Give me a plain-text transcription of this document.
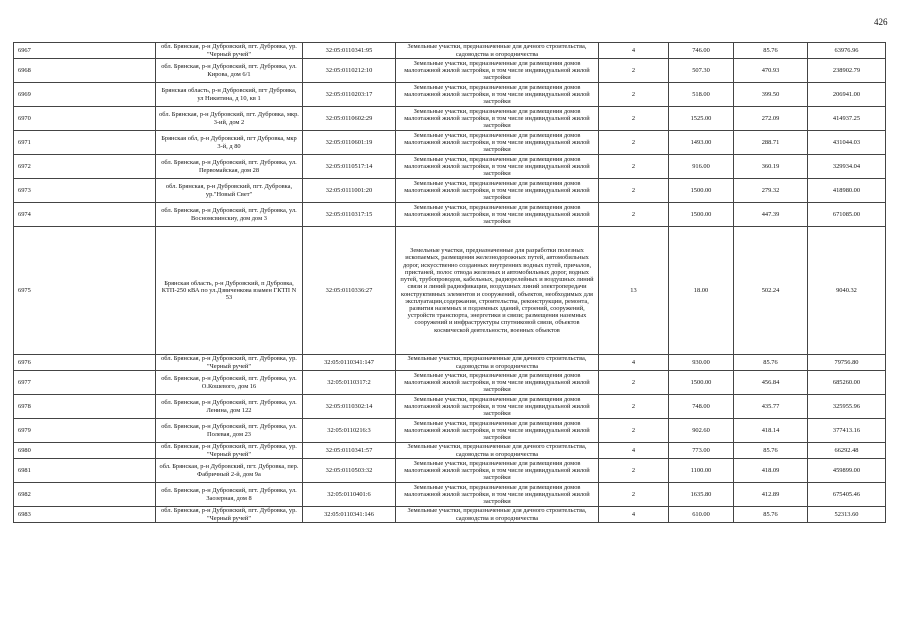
426
6967	обл. Брянская, р-н Дубровский, пгт. Дубровка, ур. "Черный ручей"	32:05:0110341:95	Земельные участки, предназначенные для дачного строительства, садоводства и огородничества	4	746.00	85.76	63976.96
6968	обл. Брянская, р-н Дубровский, пгт. Дубровка, ул. Кирова, дом 6/1	32:05:0110212:10	Земельные участки, предназначенные для размещения домов малоэтажной жилой застройки, в том числе индивидуальной жилой застройки	2	507.30	470.93	238902.79
6969	Брянская область, р-н Дубровский, пгт Дубровка, ул Никитина, д 10, кв 1	32:05:0110203:17	Земельные участки, предназначенные для размещения домов малоэтажной жилой застройки, в том числе индивидуальной жилой застройки	2	518.00	399.50	206941.00
6970	обл. Брянская, р-н Дубровский, пгт. Дубровка, мкр. 3-ий, дом 2	32:05:0110602:29	Земельные участки, предназначенные для размещения домов малоэтажной жилой застройки, в том числе индивидуальной жилой застройки	2	1525.00	272.09	414937.25
6971	Брянская обл, р-н Дубровский, пгт Дубровка, мкр 3-й, д 80	32:05:0110601:19	Земельные участки, предназначенные для размещения домов малоэтажной жилой застройки, в том числе индивидуальной жилой застройки	2	1493.00	288.71	431044.03
6972	обл. Брянская, р-н Дубровский, пгт. Дубровка, ул. Первомайская, дом 28	32:05:0110517:14	Земельные участки, предназначенные для размещения домов малоэтажной жилой застройки, в том числе индивидуальной жилой застройки	2	916.00	360.19	329934.04
6973	обл. Брянская, р-н Дубровский, пгт. Дубровка, ур."Новый Свет"	32:05:0111001:20	Земельные участки, предназначенные для размещения домов малоэтажной жилой застройки, в том числе индивидуальной жилой застройки	2	1500.00	279.32	418980.00
6974	обл. Брянская, р-н Дубровский, пгт. Дубровка, ул. Восномсвинскиу, дом дом 3	32:05:0110317:15	Земельные участки, предназначенные для размещения домов малоэтажной жилой застройки, в том числе индивидуальной жилой застройки	2	1500.00	447.39	671085.00
6975	Брянская область, р-н Дубровский, п Дубровка, КТП-250 кВА по ул.Дзвиченкова взамен ГКТП N 53	32:05:0110336:27	Земельные участки, предназначенные для разработки полезных ископаемых, размещения железнодорожных путей, автомобильных дорог, искусственно созданных внутренних водных путей, причалов, пристаней, полос отвода железных и автомобильных дорог, водных путей, трубопроводов, кабельных, радиорелейных и воздушных линий связи и линий радиофикации, воздушных линий электропередачи конструктивных элементов и сооружений, объектов, необходимых для эксплуатации,содержания, строительства, реконструкции, ремонта, развития наземных и подземных зданий, строений, сооружений, устройств транспорта, энергетики и связи; размещения наземных сооружений и инфраструктуры спутниковой связи, объектов космической деятельности, военных объектов	13	18.00	502.24	9040.32
6976	обл. Брянская, р-н Дубровский, пгт. Дубровка, ур. "Черный ручей"	32:05:0110341:147	Земельные участки, предназначенные для дачного строительства, садоводства и огородничества	4	930.00	85.76	79756.80
6977	обл. Брянская, р-н Дубровский, пгт. Дубровка, ул. О.Кошевого, дом 16	32:05:0110317:2	Земельные участки, предназначенные для размещения домов малоэтажной жилой застройки, в том числе индивидуальной жилой застройки	2	1500.00	456.84	685260.00
6978	обл. Брянская, р-н Дубровский, пгт. Дубровка, ул. Ленина, дом 122	32:05:0110302:14	Земельные участки, предназначенные для размещения домов малоэтажной жилой застройки, в том числе индивидуальной жилой застройки	2	748.00	435.77	325955.96
6979	обл. Брянская, р-н Дубровский, пгт. Дубровка, ул. Полевая, дом 23	32:05:0110216:3	Земельные участки, предназначенные для размещения домов малоэтажной жилой застройки, в том числе индивидуальной жилой застройки	2	902.60	418.14	377413.16
6980	обл. Брянская, р-н Дубровский, пгт. Дубровка, ур. "Черный ручей"	32:05:0110341:57	Земельные участки, предназначенные для дачного строительства, садоводства и огородничества	4	773.00	85.76	66292.48
6981	обл. Брянская, р-н Дубровский, пгт. Дубровка, пер. Фабричный 2-й, дом 9а	32:05:0110503:32	Земельные участки, предназначенные для размещения домов малоэтажной жилой застройки, в том числе индивидуальной жилой застройки	2	1100.00	418.09	459899.00
6982	обл. Брянская, р-н Дубровский, пгт. Дубровка, ул. Заозерная, дом 8	32:05:0110401:6	Земельные участки, предназначенные для размещения домов малоэтажной жилой застройки, в том числе индивидуальной жилой застройки	2	1635.80	412.89	675405.46
6983	обл. Брянская, р-н Дубровский, пгт. Дубровка, ур. "Черный ручей"	32:05:0110341:146	Земельные участки, предназначенные для дачного строительства, садоводства и огородничества	4	610.00	85.76	52313.60
